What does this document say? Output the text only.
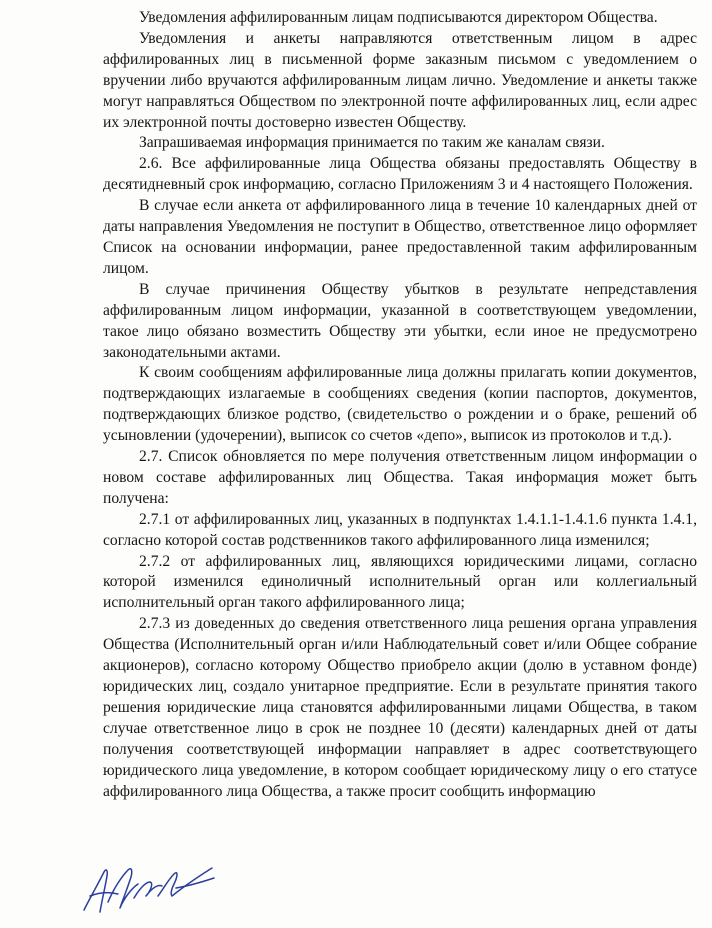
Уведомления аффилированным лицам подписываются директором Общества.

Уведомления и анкеты направляются ответственным лицом в адрес аффилированных лиц в письменной форме заказным письмом с уведомлением о вручении либо вручаются аффилированным лицам лично. Уведомление и анкеты также могут направляться Обществом по электронной почте аффилированных лиц, если адрес их электронной почты достоверно известен Обществу.

Запрашиваемая информация принимается по таким же каналам связи.

2.6. Все аффилированные лица Общества обязаны предоставлять Обществу в десятидневный срок информацию, согласно Приложениям 3 и 4 настоящего Положения.

В случае если анкета от аффилированного лица в течение 10 календарных дней от даты направления Уведомления не поступит в Общество, ответственное лицо оформляет Список на основании информации, ранее предоставленной таким аффилированным лицом.

В случае причинения Обществу убытков в результате непредставления аффилированным лицом информации, указанной в соответствующем уведомлении, такое лицо обязано возместить Обществу эти убытки, если иное не предусмотрено законодательными актами.

К своим сообщениям аффилированные лица должны прилагать копии документов, подтверждающих излагаемые в сообщениях сведения (копии паспортов, документов, подтверждающих близкое родство, (свидетельство о рождении и о браке, решений об усыновлении (удочерении), выписок со счетов «депо», выписок из протоколов и т.д.).

2.7. Список обновляется по мере получения ответственным лицом информации о новом составе аффилированных лиц Общества. Такая информация может быть получена:

2.7.1 от аффилированных лиц, указанных в подпунктах 1.4.1.1-1.4.1.6 пункта 1.4.1, согласно которой состав родственников такого аффилированного лица изменился;

2.7.2 от аффилированных лиц, являющихся юридическими лицами, согласно которой изменился единоличный исполнительный орган или коллегиальный исполнительный орган такого аффилированного лица;

2.7.3 из доведенных до сведения ответственного лица решения органа управления Общества (Исполнительный орган и/или Наблюдательный совет и/или Общее собрание акционеров), согласно которому Общество приобрело акции (долю в уставном фонде) юридических лиц, создало унитарное предприятие. Если в результате принятия такого решения юридические лица становятся аффилированными лицами Общества, в таком случае ответственное лицо в срок не позднее 10 (десяти) календарных дней от даты получения соответствующей информации направляет в адрес соответствующего юридического лица уведомление, в котором сообщает юридическому лицу о его статусе аффилированного лица Общества, а также просит сообщить информацию
